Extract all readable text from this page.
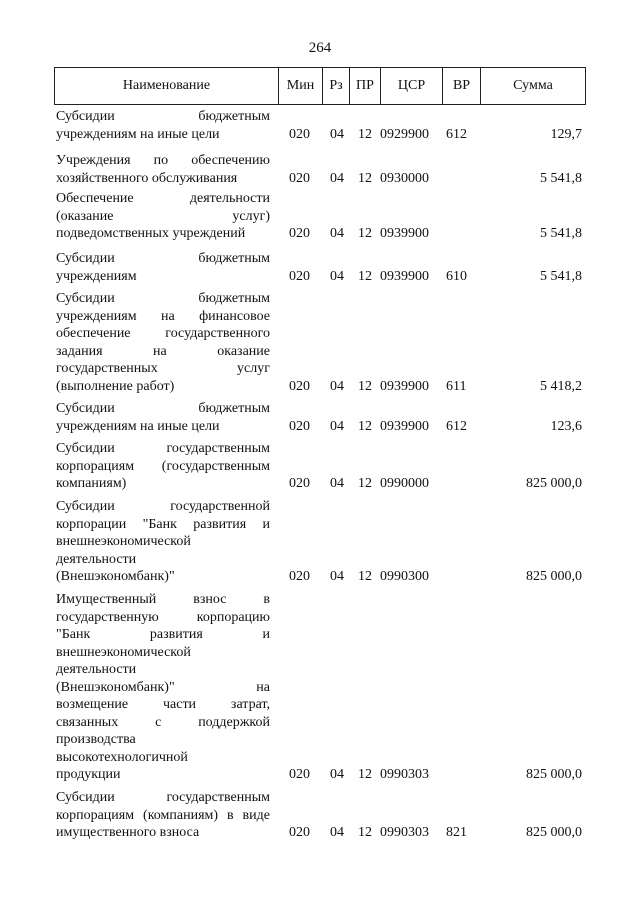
264
Наименование	Мин	Рз ПР	ЦСР	ВР	Сумма
Субсидии бюджетным
учреждениям на иные цели	020 04 12 0929900 612	129,7
Учреждения по обеспечению
хозяйственного обслуживания	020 04 12 0930000	5 541,8
Обеспечение деятельности
(оказание услуг)
подведомственных учреждений	020 04 12 0939900	5 541,8
Субсидии бюджетным
учреждениям	020 04 12 0939900 610	5 541,8
Субсидии бюджетным
учреждениям на финансовое
обеспечение государственного
задания на оказание
государственных услуг
(выполнение работ)	020 04 12 0939900 611	5 418,2
Субсидии бюджетным
учреждениям на иные цели	020 04 12 0939900 612	123,6
Субсидии государственным
корпорациям (государственным
компаниям)	020 04 12 0990000	825 000,0
Субсидии государственной
корпорации "Банк развития и
внешнеэкономической
деятельности
(Внешэкономбанк)"	020 04 12 0990300	825 000,0
Имущественный взнос в
государственную корпорацию
"Банк развития и
внешнеэкономической
деятельности
(Внешэкономбанк)" на
возмещение части затрат,
связанных с поддержкой
производства
высокотехнологичной
продукции	020 04 12 0990303	825 000,0
Субсидии государственным
корпорациям (компаниям) в виде
имущественного взноса	020 04 12 0990303 821	825 000,0
